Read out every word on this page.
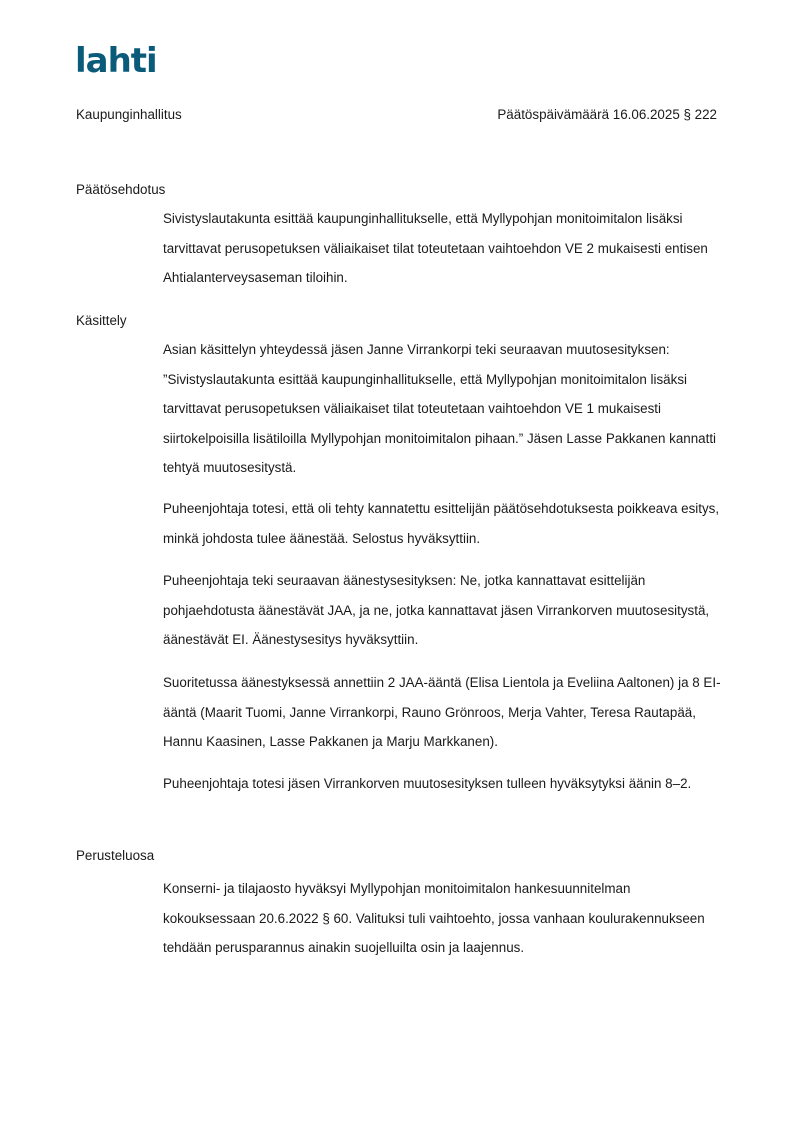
lahti
Kaupunginhallitus	Päätöspäivämäärä 16.06.2025 § 222
Päätösehdotus
Sivistyslautakunta esittää kaupunginhallitukselle, että Myllypohjan monitoimitalon lisäksi tarvittavat perusopetuksen väliaikaiset tilat toteutetaan vaihtoehdon VE 2 mukaisesti entisen Ahtialanterveysaseman tiloihin.
Käsittely
Asian käsittelyn yhteydessä jäsen Janne Virrankorpi teki seuraavan muutosesityksen: ”Sivistyslautakunta esittää kaupunginhallitukselle, että Myllypohjan monitoimitalon lisäksi tarvittavat perusopetuksen väliaikaiset tilat toteutetaan vaihtoehdon VE 1 mukaisesti siirtokelpoisilla lisätiloilla Myllypohjan monitoimitalon pihaan.” Jäsen Lasse Pakkanen kannatti tehtyä muutosesitystä.
Puheenjohtaja totesi, että oli tehty kannatettu esittelijän päätösehdotuksesta poikkeava esitys, minkä johdosta tulee äänestää. Selostus hyväksyttiin.
Puheenjohtaja teki seuraavan äänestysesityksen: Ne, jotka kannattavat esittelijän pohjaehdotusta äänestävät JAA, ja ne, jotka kannattavat jäsen Virrankorven muutosesitystä, äänestävät EI. Äänestysesitys hyväksyttiin.
Suoritetussa äänestyksessä annettiin 2 JAA-ääntä (Elisa Lientola ja Eveliina Aaltonen) ja 8 EI-ääntä (Maarit Tuomi, Janne Virrankorpi, Rauno Grönroos, Merja Vahter, Teresa Rautapää, Hannu Kaasinen, Lasse Pakkanen ja Marju Markkanen).
Puheenjohtaja totesi jäsen Virrankorven muutosesityksen tulleen hyväksytyksi äänin 8–2.
Perusteluosa
Konserni- ja tilajaosto hyväksyi Myllypohjan monitoimitalon hankesuunnitelman kokouksessaan 20.6.2022 § 60. Valituksi tuli vaihtoehto, jossa vanhaan koulurakennukseen tehdään perusparannus ainakin suojelluilta osin ja laajennus.
